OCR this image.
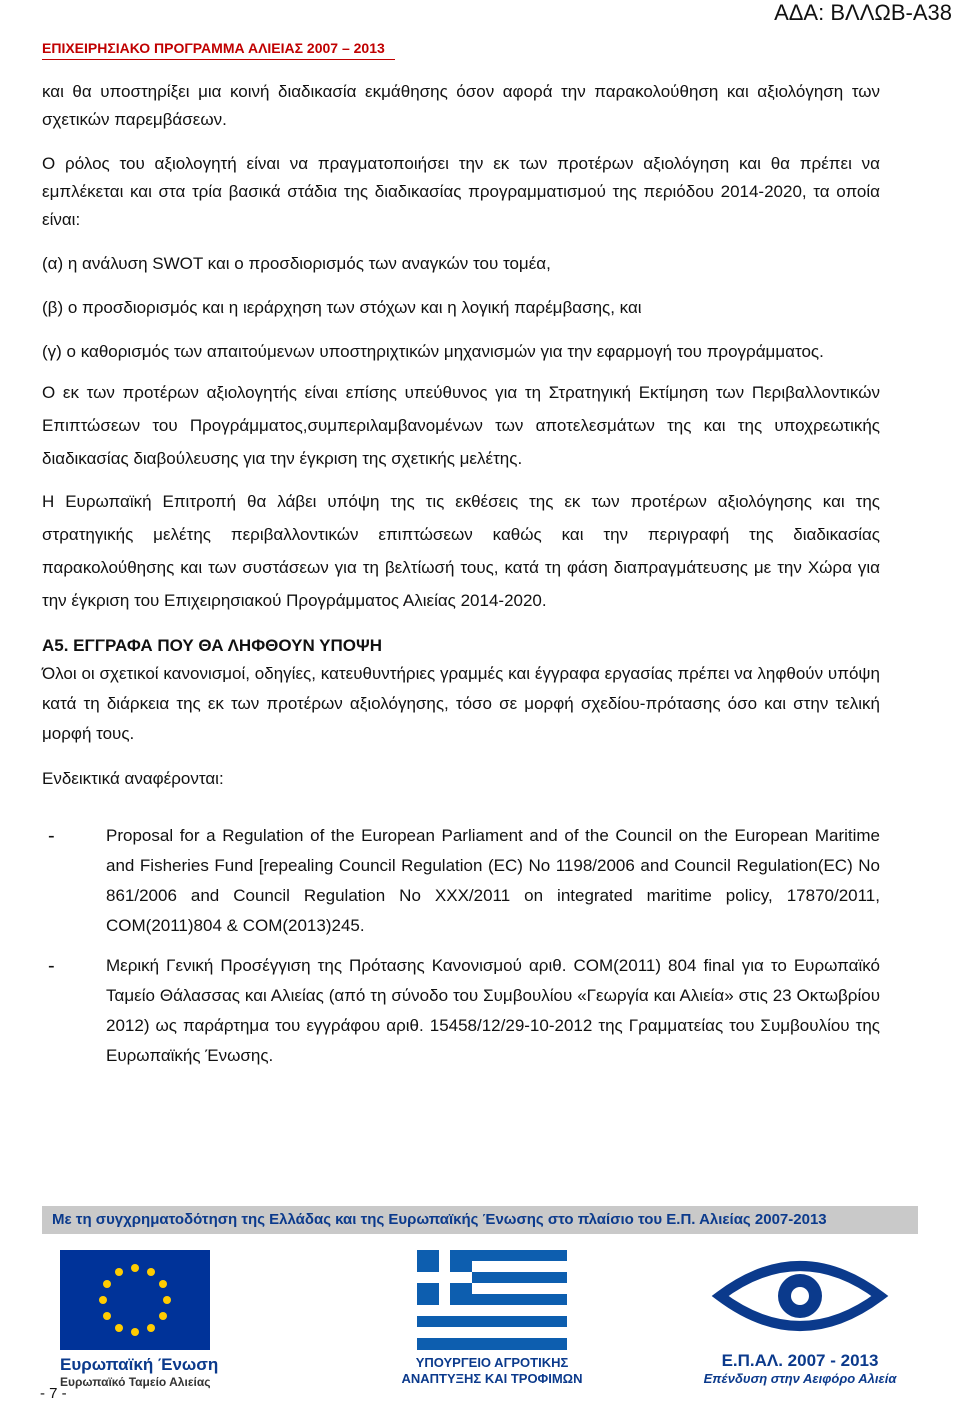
ΕΠΙΧΕΙΡΗΣΙΑΚΟ ΠΡΟΓΡΑΜΜΑ ΑΛΙΕΙΑΣ 2007 – 2013
ΑΔΑ: ΒΛΛΩΒ-Α38

και θα υποστηρίξει μια κοινή διαδικασία εκμάθησης όσον αφορά την παρακολούθηση και αξιολόγηση των σχετικών παρεμβάσεων.

Ο ρόλος του αξιολογητή είναι να πραγματοποιήσει την εκ των προτέρων αξιολόγηση και θα πρέπει να εμπλέκεται και στα τρία βασικά στάδια της διαδικασίας προγραμματισμού της περιόδου 2014-2020, τα οποία είναι:

(α) η ανάλυση SWOT και ο προσδιορισμός των αναγκών του τομέα,

(β) ο προσδιορισμός και η ιεράρχηση των στόχων και η λογική παρέμβασης, και

(γ) ο καθορισμός των απαιτούμενων υποστηριχτικών μηχανισμών για την εφαρμογή του προγράμματος.

Ο εκ των προτέρων αξιολογητής είναι επίσης υπεύθυνος για τη Στρατηγική Εκτίμηση των Περιβαλλοντικών Επιπτώσεων του Προγράμματος,συμπεριλαμβανομένων των αποτελεσμάτων της και της υποχρεωτικής διαδικασίας διαβούλευσης για την έγκριση της σχετικής μελέτης.

Η Ευρωπαϊκή Επιτροπή θα λάβει υπόψη της τις εκθέσεις της εκ των προτέρων αξιολόγησης και της στρατηγικής μελέτης περιβαλλοντικών επιπτώσεων καθώς και την περιγραφή της διαδικασίας παρακολούθησης και των συστάσεων για τη βελτίωσή τους, κατά τη φάση διαπραγμάτευσης με την Χώρα για την έγκριση του Επιχειρησιακού Προγράμματος Αλιείας 2014-2020.

Α5. ΕΓΓΡΑΦΑ ΠΟΥ ΘΑ ΛΗΦΘΟΥΝ ΥΠΟΨΗ

Όλοι οι σχετικοί κανονισμοί, οδηγίες, κατευθυντήριες γραμμές και έγγραφα εργασίας πρέπει να ληφθούν υπόψη κατά τη διάρκεια της εκ των προτέρων αξιολόγησης, τόσο σε μορφή σχεδίου-πρότασης όσο και στην τελική μορφή τους.

Ενδεικτικά αναφέρονται:

-	Proposal for a Regulation of the European Parliament and of the Council on the European Maritime and Fisheries Fund [repealing Council Regulation (EC) No 1198/2006 and Council Regulation(EC) No 861/2006 and Council Regulation No XXX/2011 on integrated maritime policy, 17870/2011, COM(2011)804 & COM(2013)245.
-	Μερική Γενική Προσέγγιση της Πρότασης Κανονισμού αριθ. COM(2011) 804 final για το Ευρωπαϊκό Ταμείο Θάλασσας και Αλιείας (από τη σύνοδο του Συμβουλίου «Γεωργία και Αλιεία» στις 23 Οκτωβρίου 2012) ως παράρτημα του εγγράφου αριθ. 15458/12/29-10-2012 της Γραμματείας του Συμβουλίου της Ευρωπαϊκής Ένωσης.
Με τη συγχρηματοδότηση της Ελλάδας και της Ευρωπαϊκής Ένωσης στο πλαίσιο του Ε.Π. Αλιείας 2007-2013
Ευρωπαϊκή Ένωση
Ευρωπαϊκό Ταμείο Αλιείας
ΥΠΟΥΡΓΕΙΟ ΑΓΡΟΤΙΚΗΣ
ΑΝΑΠΤΥΞΗΣ ΚΑΙ ΤΡΟΦΙΜΩΝ
Ε.Π.ΑΛ. 2007 - 2013
Επένδυση στην Αειφόρο Αλιεία
- 7 -
